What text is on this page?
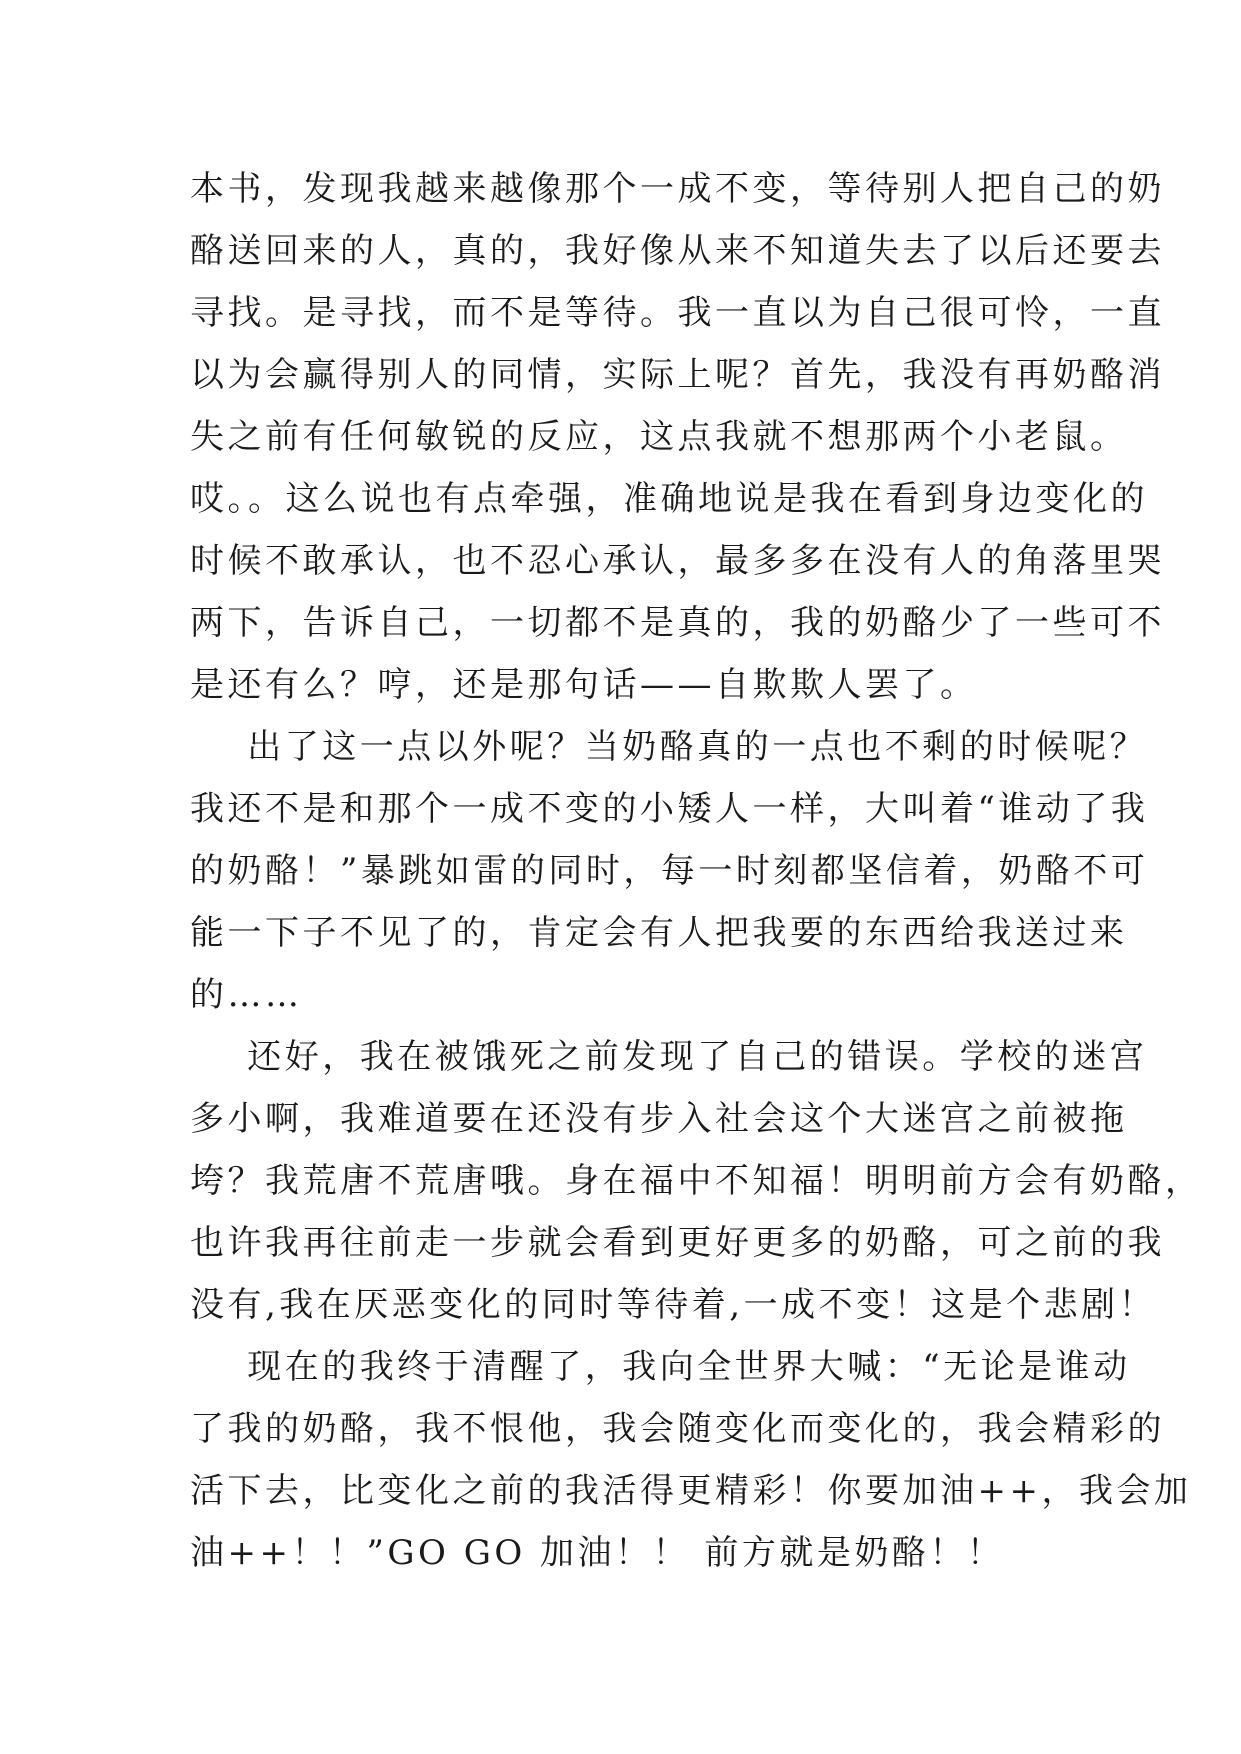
本书，发现我越来越像那个一成不变，等待别人把自己的奶
酪送回来的人，真的，我好像从来不知道失去了以后还要去
寻找。是寻找，而不是等待。我一直以为自己很可怜，一直
以为会赢得别人的同情，实际上呢？首先，我没有再奶酪消
失之前有任何敏锐的反应，这点我就不想那两个小老鼠。
哎。。这么说也有点牵强，准确地说是我在看到身边变化的
时候不敢承认，也不忍心承认，最多多在没有人的角落里哭
两下，告诉自己，一切都不是真的，我的奶酪少了一些可不
是还有么？哼，还是那句话——自欺欺人罢了。
出了这一点以外呢？当奶酪真的一点也不剩的时候呢？
我还不是和那个一成不变的小矮人一样，大叫着“谁动了我
的奶酪！”暴跳如雷的同时，每一时刻都坚信着，奶酪不可
能一下子不见了的，肯定会有人把我要的东西给我送过来
的……
还好，我在被饿死之前发现了自己的错误。学校的迷宫
多小啊，我难道要在还没有步入社会这个大迷宫之前被拖
垮？我荒唐不荒唐哦。身在福中不知福！明明前方会有奶酪，
也许我再往前走一步就会看到更好更多的奶酪，可之前的我
没有,我在厌恶变化的同时等待着,一成不变！这是个悲剧！
现在的我终于清醒了，我向全世界大喊：“无论是谁动
了我的奶酪，我不恨他，我会随变化而变化的，我会精彩的
活下去，比变化之前的我活得更精彩！你要加油++，我会加
油++！！”GO GO 加油！！ 前方就是奶酪！！
